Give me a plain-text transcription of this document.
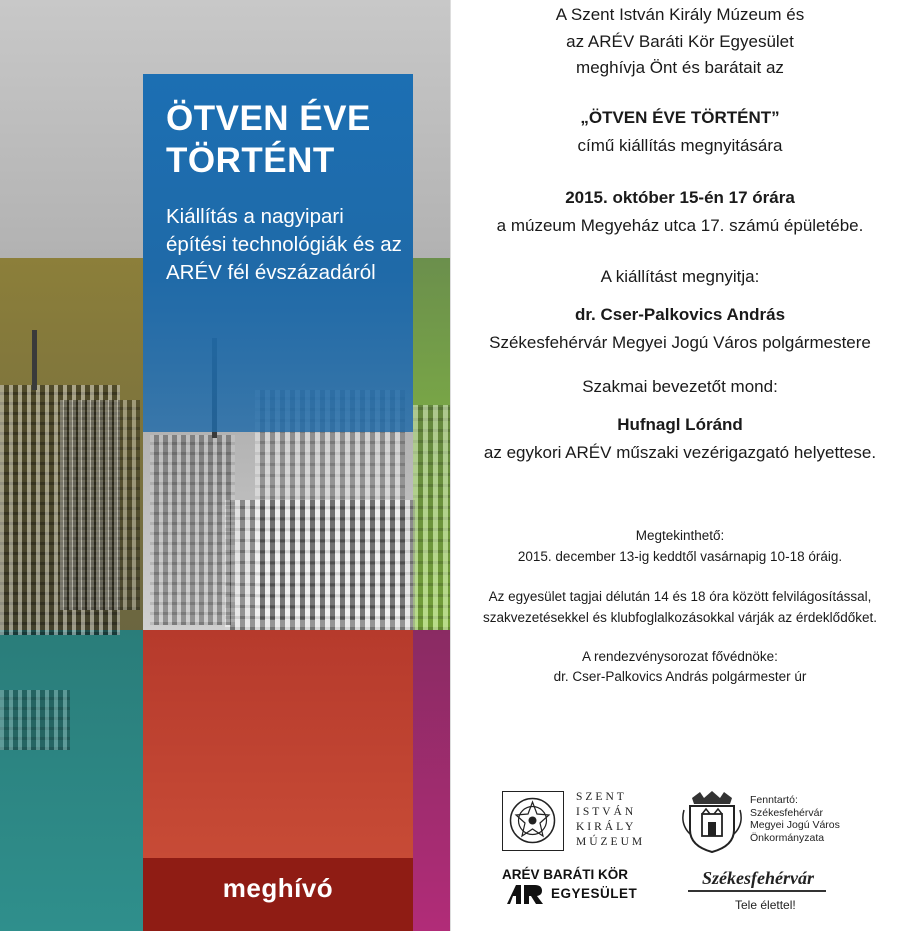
ÖTVEN ÉVE TÖRTÉNT

Kiállítás a nagyipari építési technológiák és az ARÉV fél évszázadáról

meghívó
A Szent István Király Múzeum és
az ARÉV Baráti Kör Egyesület
meghívja Önt és barátait az
„ÖTVEN ÉVE TÖRTÉNT”
című kiállítás megnyitására
2015. október 15-én 17 órára
a múzeum Megyeház utca 17. számú épületébe.
A kiállítást megnyitja:
dr. Cser-Palkovics András
Székesfehérvár Megyei Jogú Város polgármestere
Szakmai bevezetőt mond:
Hufnagl Lóránd
az egykori ARÉV műszaki vezérigazgató helyettese.
Megtekinthető:
2015. december 13-ig keddtől vasárnapig 10-18 óráig.
Az egyesület tagjai délután 14 és 18 óra között felvilágosítással,
szakvezetésekkel és klubfoglalkozásokkal várják az érdeklődőket.
A rendezvénysorozat fővédnöke:
dr. Cser-Palkovics András polgármester úr
SZENT
ISTVÁN
KIRÁLY
MÚZEUM
Fenntartó:
Székesfehérvár
Megyei Jogú Város
Önkormányzata
ARÉV BARÁTI KÖR
EGYESÜLET
Székesfehérvár
Tele élettel!
